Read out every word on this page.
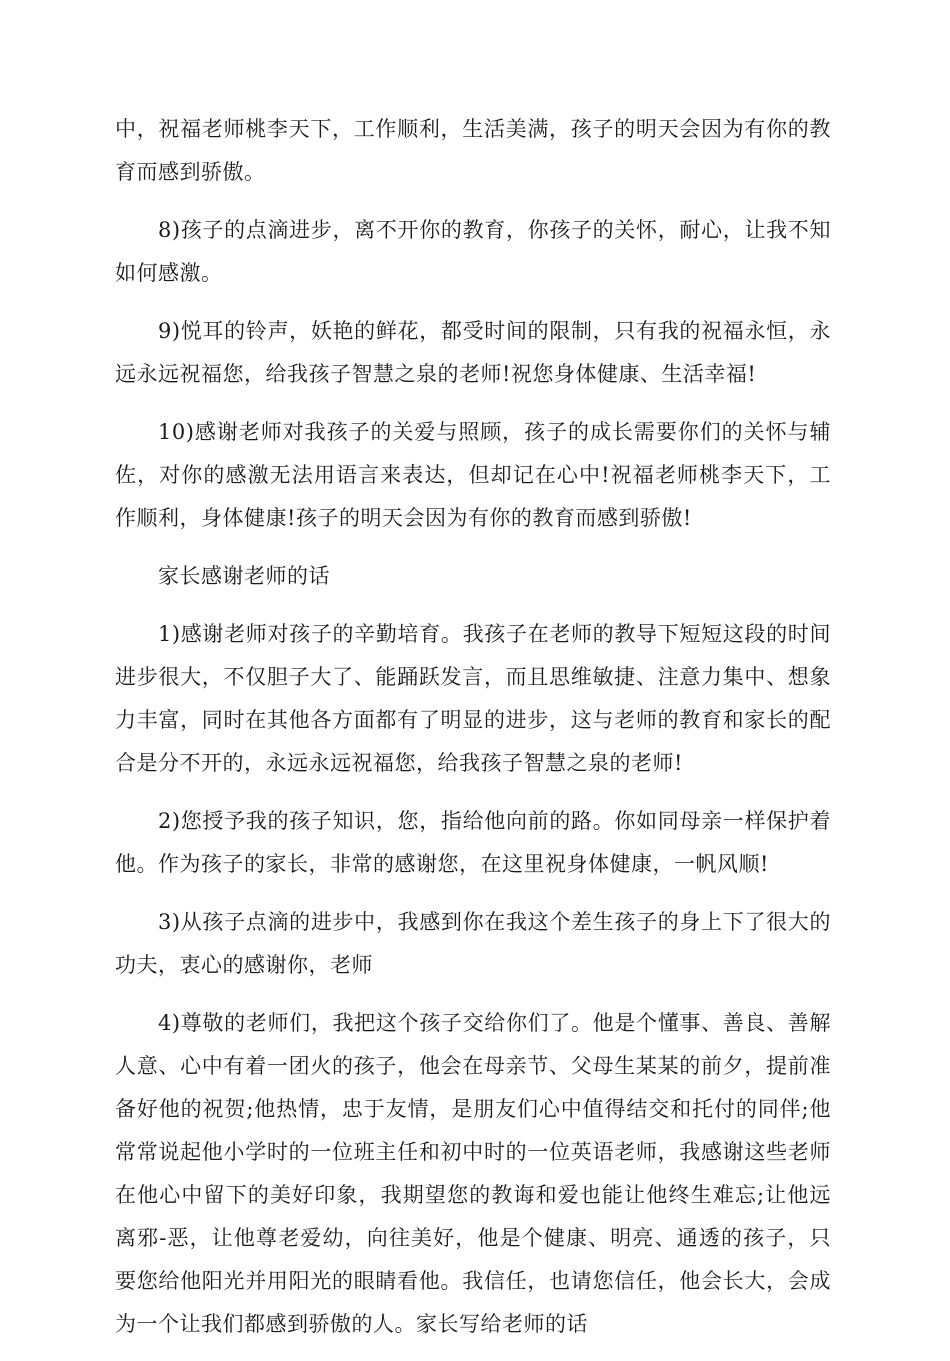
中，祝福老师桃李天下，工作顺利，生活美满，孩子的明天会因为有你的教育而感到骄傲。

8)孩子的点滴进步，离不开你的教育，你孩子的关怀，耐心，让我不知如何感激。

9)悦耳的铃声，妖艳的鲜花，都受时间的限制，只有我的祝福永恒，永远永远祝福您，给我孩子智慧之泉的老师!祝您身体健康、生活幸福!

10)感谢老师对我孩子的关爱与照顾，孩子的成长需要你们的关怀与辅佐，对你的感激无法用语言来表达，但却记在心中!祝福老师桃李天下，工作顺利，身体健康!孩子的明天会因为有你的教育而感到骄傲!

家长感谢老师的话

1)感谢老师对孩子的辛勤培育。我孩子在老师的教导下短短这段的时间进步很大，不仅胆子大了、能踊跃发言，而且思维敏捷、注意力集中、想象力丰富，同时在其他各方面都有了明显的进步，这与老师的教育和家长的配合是分不开的，永远永远祝福您，给我孩子智慧之泉的老师!

2)您授予我的孩子知识，您，指给他向前的路。你如同母亲一样保护着他。作为孩子的家长，非常的感谢您，在这里祝身体健康，一帆风顺!

3)从孩子点滴的进步中，我感到你在我这个差生孩子的身上下了很大的功夫，衷心的感谢你，老师

4)尊敬的老师们，我把这个孩子交给你们了。他是个懂事、善良、善解人意、心中有着一团火的孩子，他会在母亲节、父母生某某的前夕，提前准备好他的祝贺;他热情，忠于友情，是朋友们心中值得结交和托付的同伴;他常常说起他小学时的一位班主任和初中时的一位英语老师，我感谢这些老师在他心中留下的美好印象，我期望您的教诲和爱也能让他终生难忘;让他远离邪-恶，让他尊老爱幼，向往美好，他是个健康、明亮、通透的孩子，只要您给他阳光并用阳光的眼睛看他。我信任，也请您信任，他会长大，会成为一个让我们都感到骄傲的人。家长写给老师的话
